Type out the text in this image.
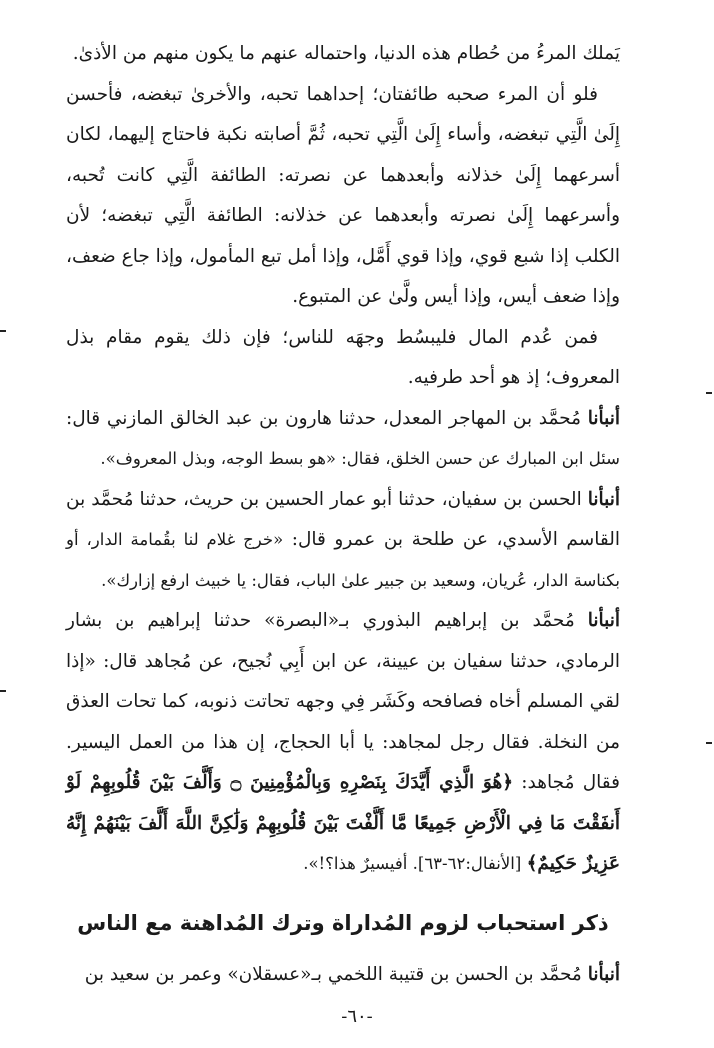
يَملك المرءُ من حُطام هذه الدنيا، واحتماله عنهم ما يكون منهم من الأذىٰ.

فلو أن المرء صحبه طائفتان؛ إحداهما تحبه، والأخرىٰ تبغضه، فأحسن إِلَىٰ الَّتِي تبغضه، وأساء إِلَىٰ الَّتِي تحبه، ثُمَّ أصابته نكبة فاحتاج إليهما، لكان أسرعهما إِلَىٰ خذلانه وأبعدهما عن نصرته: الطائفة الَّتِي كانت تُحبه، وأسرعهما إِلَىٰ نصرته وأبعدهما عن خذلانه: الطائفة الَّتِي تبغضه؛ لأن الكلب إذا شبع قوي، وإذا قوي أَمَّل، وإذا أمل تبع المأمول، وإذا جاع ضعف، وإذا ضعف أيس، وإذا أيس ولَّىٰ عن المتبوع.

فمن عُدم المال فليبسُط وجهَه للناس؛ فإن ذلك يقوم مقام بذل المعروف؛ إذ هو أحد طرفيه.

أنبأنا مُحمَّد بن المهاجر المعدل، حدثنا هارون بن عبد الخالق المازني قال: سئل ابن المبارك عن حسن الخلق، فقال: «هو بسط الوجه، وبذل المعروف».

أنبأنا الحسن بن سفيان، حدثنا أبو عمار الحسين بن حريث، حدثنا مُحمَّد بن القاسم الأسدي، عن طلحة بن عمرو قال: «خرج غلام لنا بقُمامة الدار، أو بكناسة الدار، عُريان، وسعيد بن جبير علىٰ الباب، فقال: يا خبيث ارفع إزارك».

أنبأنا مُحمَّد بن إبراهيم البذوري بـ«البصرة» حدثنا إبراهيم بن بشار الرمادي، حدثنا سفيان بن عيينة، عن ابن أَبِي نُجيح، عن مُجاهد قال: «إذا لقي المسلم أخاه فصافحه وكَشَر فِي وجهه تحاتت ذنوبه، كما تحات العذق من النخلة. فقال رجل لمجاهد: يا أبا الحجاج، إن هذا من العمل اليسير. فقال مُجاهد: ﴿هُوَ الَّذِي أَيَّدَكَ بِنَصْرِهِ وَبِالْمُؤْمِنِينَ ۝ وَأَلَّفَ بَيْنَ قُلُوبِهِمْ لَوْ أَنفَقْتَ مَا فِي الْأَرْضِ جَمِيعًا مَّا أَلَّفْتَ بَيْنَ قُلُوبِهِمْ وَلَٰكِنَّ اللَّهَ أَلَّفَ بَيْنَهُمْ إِنَّهُ عَزِيزٌ حَكِيمٌ﴾ [الأنفال:٦٢-٦٣]. أفيسيرٌ هذا؟!».

ذكر استحباب لزوم المُداراة وترك المُداهنة مع الناس

أنبأنا مُحمَّد بن الحسن بن قتيبة اللخمي بـ«عسقلان» وعمر بن سعيد بن

-٦٠-
